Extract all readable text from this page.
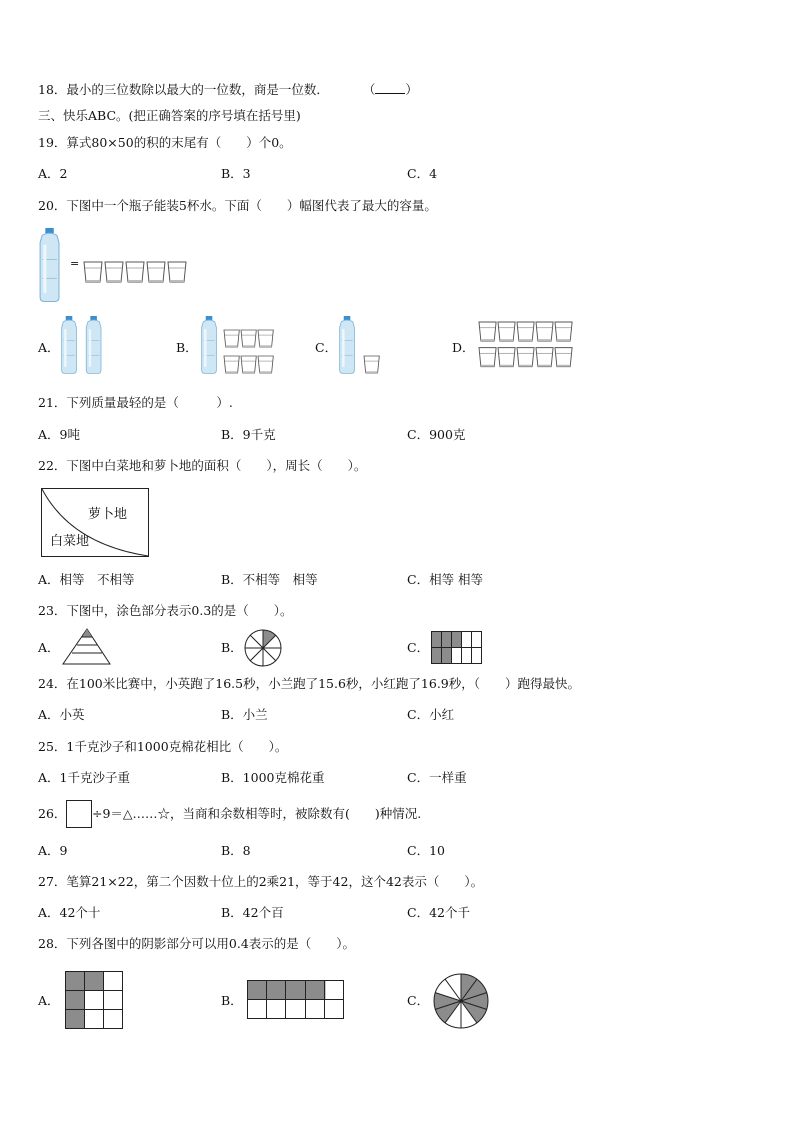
18．最小的三位数除以最大的一位数，商是一位数．	（ ）
三、快乐ABC。(把正确答案的序号填在括号里)
19．算式80×50的积的末尾有（　　）个0。
A．2	B．3	C．4
20．下图中一个瓶子能装5杯水。下面（　　）幅图代表了最大的容量。
=
A．	B．	C．	D．
21．下列质量最轻的是（　　　）.
A．9吨	B．9千克	C．900克
22．下图中白菜地和萝卜地的面积（　　），周长（　　）。
萝卜地
白菜地
A．相等　不相等	B．不相等　相等	C．相等 相等
23．下图中，涂色部分表示0.3的是（　　）。
A．	B．	C．
24．在100米比赛中，小英跑了16.5秒，小兰跑了15.6秒，小红跑了16.9秒，（　　）跑得最快。
A．小英	B．小兰	C．小红
25．1千克沙子和1000克棉花相比（　　）。
A．1千克沙子重	B．1000克棉花重	C．一样重
26． ÷9＝△……☆，当商和余数相等时，被除数有(　　)种情况.
A．9	B．8	C．10
27．笔算21×22，第二个因数十位上的2乘21，等于42，这个42表示（　　）。
A．42个十	B．42个百	C．42个千
28．下列各图中的阴影部分可以用0.4表示的是（　　）。
A．	B．	C．
